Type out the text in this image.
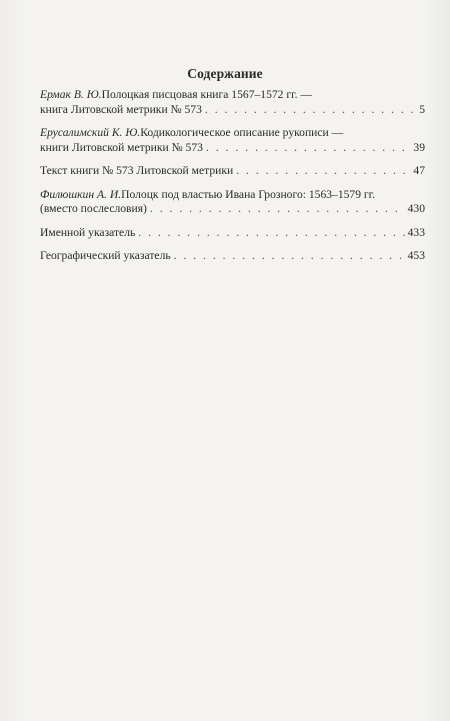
Содержание
Ермак В. Ю. Полоцкая писцовая книга 1567–1572 гг. —
книга Литовской метрики № 573 . . .	5
Ерусалимский К. Ю. Кодикологическое описание рукописи —
книги Литовской метрики № 573 . . .	39
Текст книги № 573 Литовской метрики . . .	47
Филюшкин А. И. Полоцк под властью Ивана Грозного: 1563–1579 гг.
(вместо послесловия) . . .	430
Именной указатель . . .	433
Географический указатель . . .	453
